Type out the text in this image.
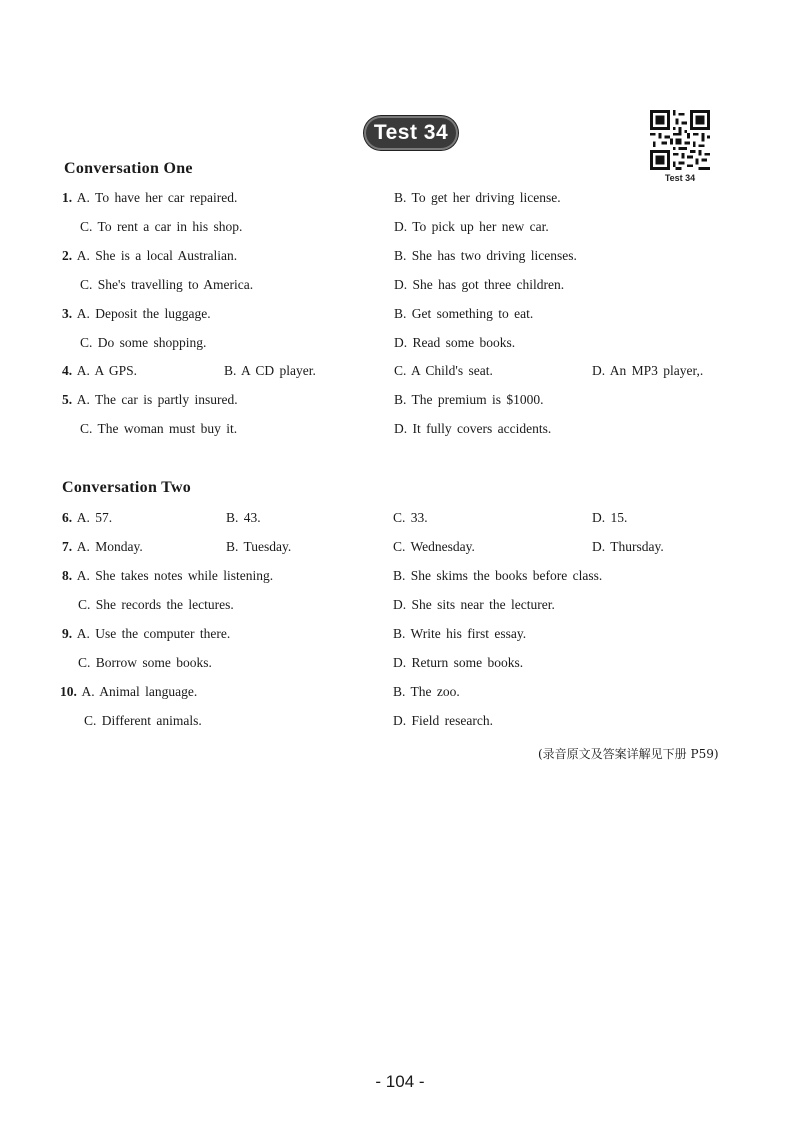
Test 34
Test 34
Conversation One
1. A. To have her car repaired.	B. To get her driving license.
C. To rent a car in his shop.	D. To pick up her new car.
2. A. She is a local Australian.	B. She has two driving licenses.
C. She's travelling to America.	D. She has got three children.
3. A. Deposit the luggage.	B. Get something to eat.
C. Do some shopping.	D. Read some books.
4. A. A GPS.	B. A CD player.	C. A Child's seat.	D. An MP3 player,.
5. A. The car is partly insured.	B. The premium is $1000.
C. The woman must buy it.	D. It fully covers accidents.
Conversation Two
6. A. 57.	B. 43.	C. 33.	D. 15.
7. A. Monday.	B. Tuesday.	C. Wednesday.	D. Thursday.
8. A. She takes notes while listening.	B. She skims the books before class.
C. She records the lectures.	D. She sits near the lecturer.
9. A. Use the computer there.	B. Write his first essay.
C. Borrow some books.	D. Return some books.
10. A. Animal language.	B. The zoo.
C. Different animals.	D. Field research.
(录音原文及答案详解见下册 P59)
- 104 -
